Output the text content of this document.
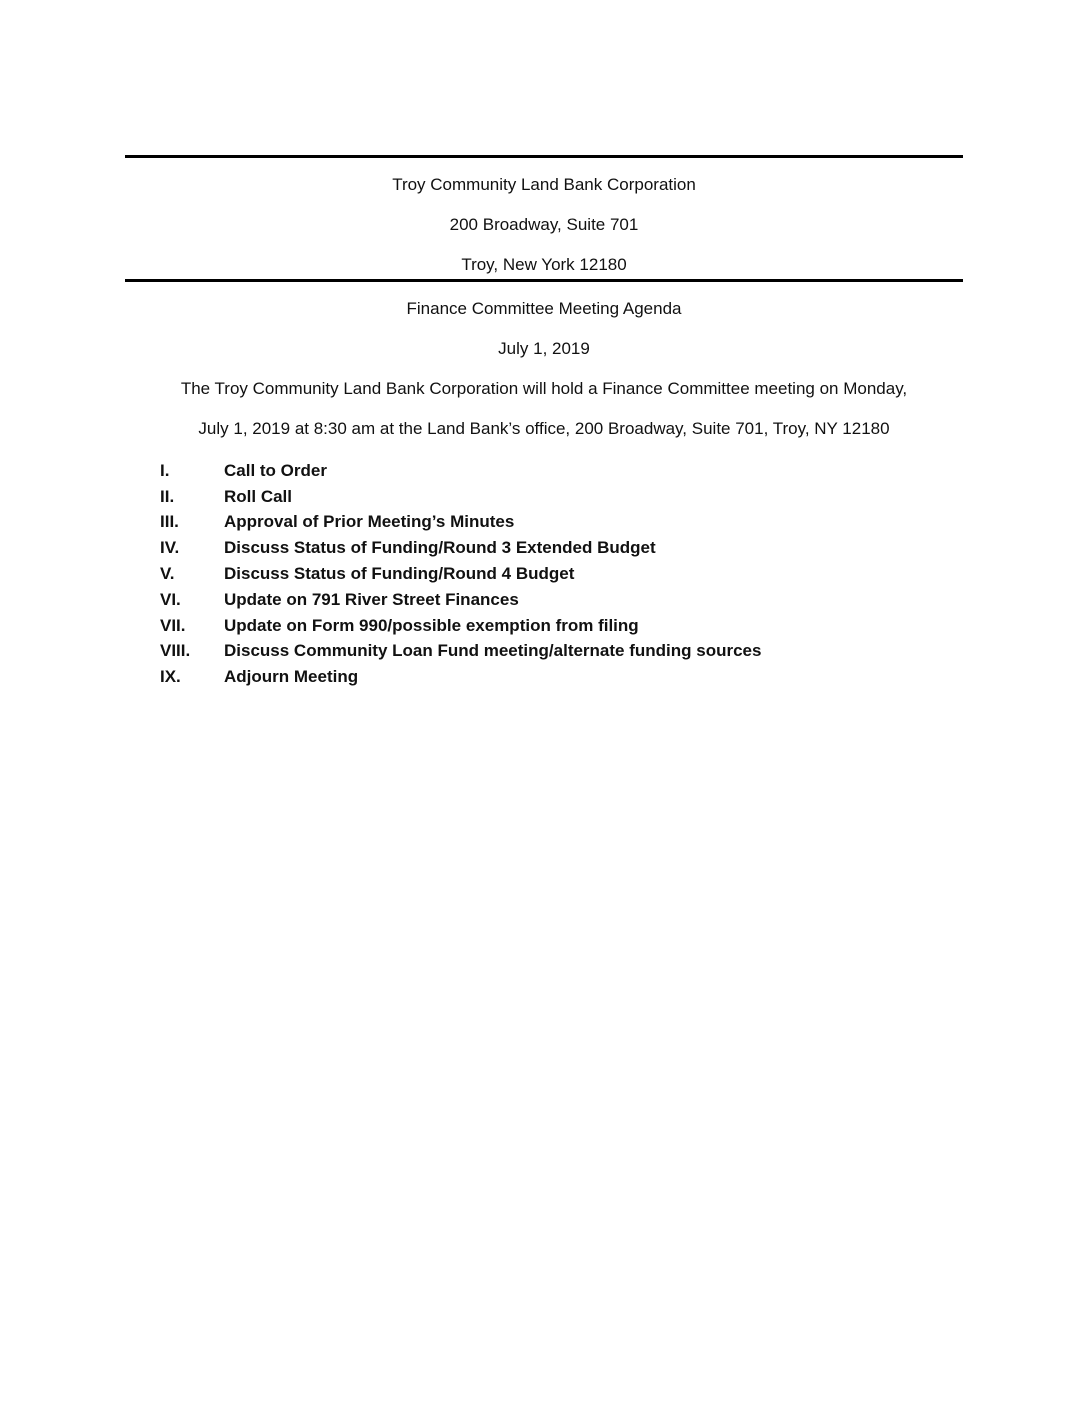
Troy Community Land Bank Corporation
200 Broadway, Suite 701
Troy, New York 12180
Finance Committee Meeting Agenda
July 1, 2019
The Troy Community Land Bank Corporation will hold a Finance Committee meeting on Monday,
July 1, 2019 at 8:30 am at the Land Bank’s office, 200 Broadway, Suite 701, Troy, NY 12180
I.	Call to Order
II.	Roll Call
III.	Approval of Prior Meeting’s Minutes
IV.	Discuss Status of Funding/Round 3 Extended Budget
V.	Discuss Status of Funding/Round 4 Budget
VI.	Update on 791 River Street Finances
VII.	Update on Form 990/possible exemption from filing
VIII.	Discuss Community Loan Fund meeting/alternate funding sources
IX.	Adjourn Meeting
